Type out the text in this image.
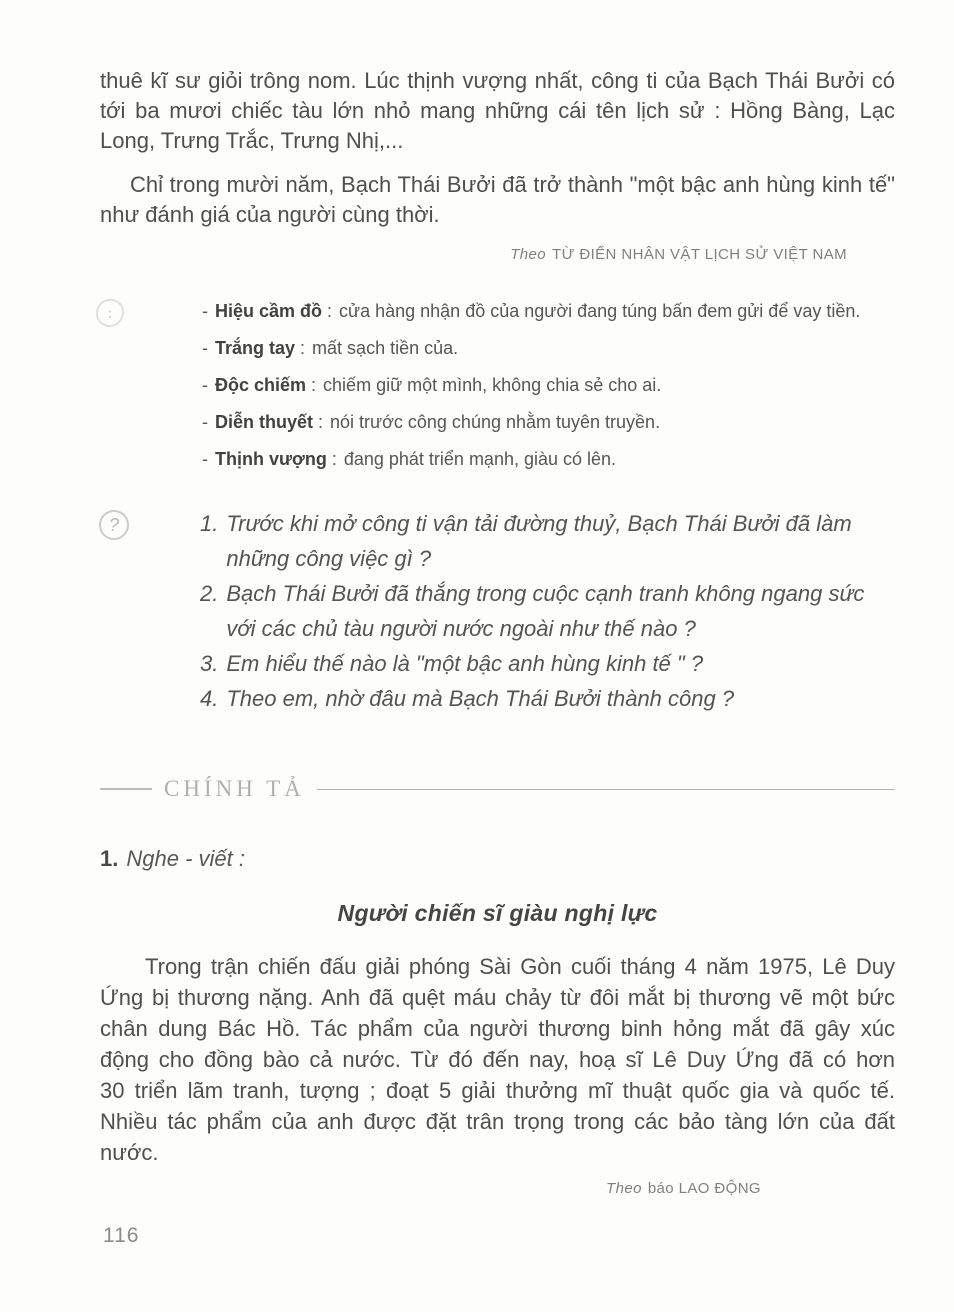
thuê kĩ sư giỏi trông nom. Lúc thịnh vượng nhất, công ti của Bạch Thái Bưởi có tới ba mươi chiếc tàu lớn nhỏ mang những cái tên lịch sử : Hồng Bàng, Lạc Long, Trưng Trắc, Trưng Nhị,...

Chỉ trong mười năm, Bạch Thái Bưởi đã trở thành "một bậc anh hùng kinh tế" như đánh giá của người cùng thời.

Theo TỪ ĐIỂN NHÂN VẬT LỊCH SỬ VIỆT NAM
:	- Hiệu cầm đồ : cửa hàng nhận đồ của người đang túng bấn đem gửi để vay tiền.
- Trắng tay : mất sạch tiền của.
- Độc chiếm : chiếm giữ một mình, không chia sẻ cho ai.
- Diễn thuyết : nói trước công chúng nhằm tuyên truyền.
- Thịnh vượng : đang phát triển mạnh, giàu có lên.
?	1. Trước khi mở công ti vận tải đường thuỷ, Bạch Thái Bưởi đã làm những công việc gì ?
2. Bạch Thái Bưởi đã thắng trong cuộc cạnh tranh không ngang sức với các chủ tàu người nước ngoài như thế nào ?
3. Em hiểu thế nào là "một bậc anh hùng kinh tế " ?
4. Theo em, nhờ đâu mà Bạch Thái Bưởi thành công ?
CHÍNH TẢ
1. Nghe - viết :
Người chiến sĩ giàu nghị lực

Trong trận chiến đấu giải phóng Sài Gòn cuối tháng 4 năm 1975, Lê Duy Ứng bị thương nặng. Anh đã quệt máu chảy từ đôi mắt bị thương vẽ một bức chân dung Bác Hồ. Tác phẩm của người thương binh hỏng mắt đã gây xúc động cho đồng bào cả nước. Từ đó đến nay, hoạ sĩ Lê Duy Ứng đã có hơn 30 triển lãm tranh, tượng ; đoạt 5 giải thưởng mĩ thuật quốc gia và quốc tế. Nhiều tác phẩm của anh được đặt trân trọng trong các bảo tàng lớn của đất nước.

Theo báo LAO ĐỘNG
116
